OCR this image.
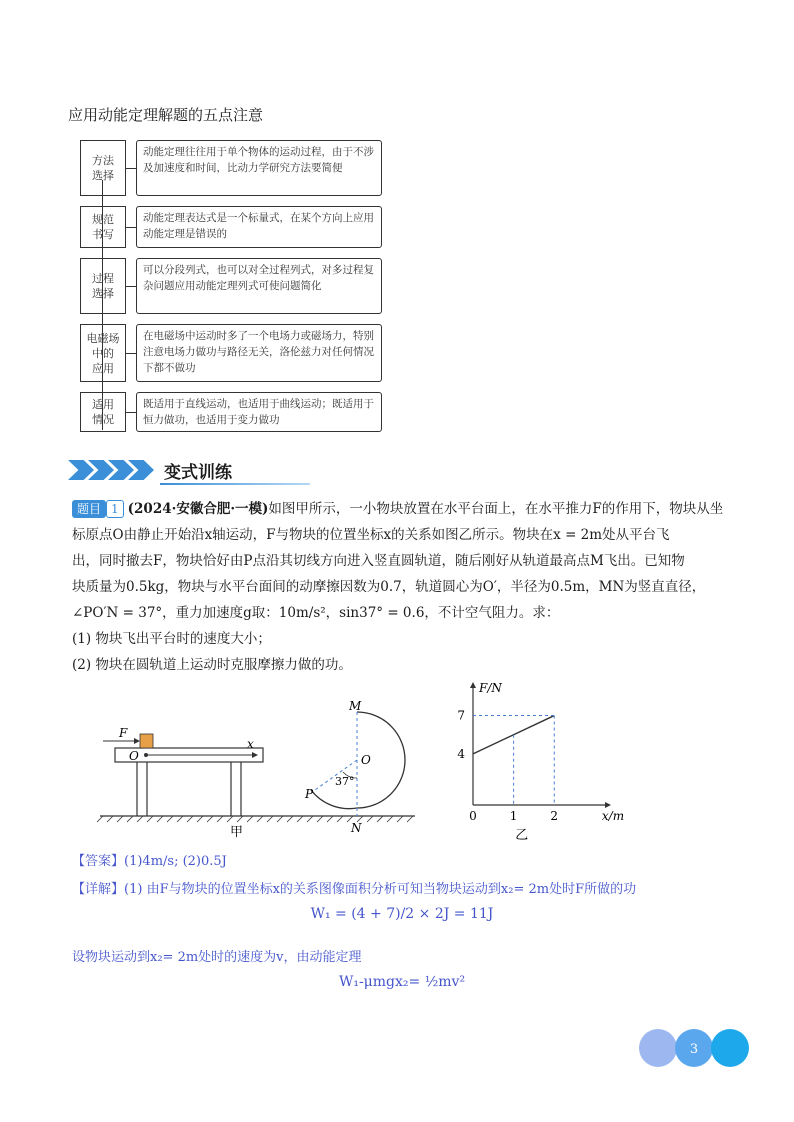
应用动能定理解题的五点注意
方法
选择
动能定理往往用于单个物体的运动过程，由于不涉及加速度和时间，比动力学研究方法要简便
规范
书写
动能定理表达式是一个标量式，在某个方向上应用动能定理是错误的
过程
选择
可以分段列式，也可以对全过程列式，对多过程复杂问题应用动能定理列式可使问题简化
电磁场
中的
应用
在电磁场中运动时多了一个电场力或磁场力，特别注意电场力做功与路径无关，洛伦兹力对任何情况下都不做功
适用
情况
既适用于直线运动，也适用于曲线运动；既适用于恒力做功，也适用于变力做功
变式训练

题目 1 (2024·安徽合肥·一模)如图甲所示，一小物块放置在水平台面上，在水平推力F的作用下，物块从坐

标原点O由静止开始沿x轴运动，F与物块的位置坐标x的关系如图乙所示。物块在x = 2m处从平台飞

出，同时撤去F，物块恰好由P点沿其切线方向进入竖直圆轨道，随后刚好从轨道最高点M飞出。已知物

块质量为0.5kg，物块与水平台面间的动摩擦因数为0.7，轨道圆心为O′，半径为0.5m，MN为竖直直径，

∠PO′N = 37°，重力加速度g取：10m/s²，sin37° = 0.6，不计空气阻力。求：

(1) 物块飞出平台时的速度大小；

(2) 物块在圆轨道上运动时克服摩擦力做的功。

F
O
x
M
O
37°
P
N
甲
0	1	2
4
7
x/m
F/N
乙
【答案】(1)4m/s; (2)0.5J
【详解】(1) 由F与物块的位置坐标x的关系图像面积分析可知当物块运动到x₂= 2m处时F所做的功
W₁ = (4 + 7)/2 × 2J = 11J
设物块运动到x₂= 2m处时的速度为v，由动能定理
W₁-μmgx₂= ½mv²
3
